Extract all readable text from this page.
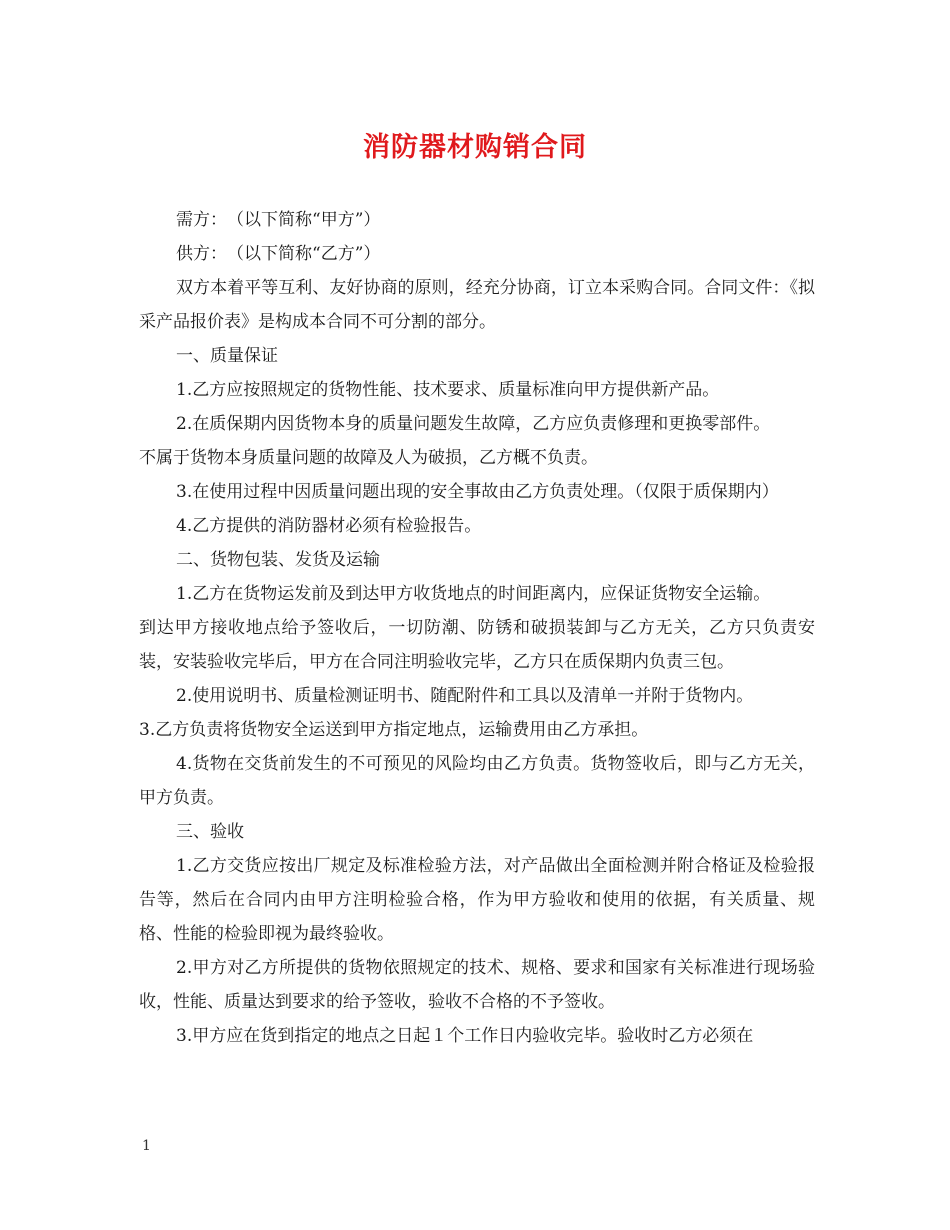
消防器材购销合同

需方：　（以下简称“甲方”）

供方：　（以下简称“乙方”）

双方本着平等互利、友好协商的原则，经充分协商，订立本采购合同。合同文件：《拟采产品报价表》是构成本合同不可分割的部分。

一、质量保证

1.乙方应按照规定的货物性能、技术要求、质量标准向甲方提供新产品。

2.在质保期内因货物本身的质量问题发生故障，乙方应负责修理和更换零部件。

不属于货物本身质量问题的故障及人为破损，乙方概不负责。

3.在使用过程中因质量问题出现的安全事故由乙方负责处理。（仅限于质保期内）

4.乙方提供的消防器材必须有检验报告。

二、货物包装、发货及运输

1.乙方在货物运发前及到达甲方收货地点的时间距离内，应保证货物安全运输。

到达甲方接收地点给予签收后，一切防潮、防锈和破损装卸与乙方无关，乙方只负责安装，安装验收完毕后，甲方在合同注明验收完毕，乙方只在质保期内负责三包。

2.使用说明书、质量检测证明书、随配附件和工具以及清单一并附于货物内。

3.乙方负责将货物安全运送到甲方指定地点，运输费用由乙方承担。

4.货物在交货前发生的不可预见的风险均由乙方负责。货物签收后，即与乙方无关，甲方负责。

三、验收

1.乙方交货应按出厂规定及标准检验方法，对产品做出全面检测并附合格证及检验报告等，然后在合同内由甲方注明检验合格，作为甲方验收和使用的依据，有关质量、规格、性能的检验即视为最终验收。

2.甲方对乙方所提供的货物依照规定的技术、规格、要求和国家有关标准进行现场验收，性能、质量达到要求的给予签收，验收不合格的不予签收。

3.甲方应在货到指定的地点之日起１个工作日内验收完毕。验收时乙方必须在

1
